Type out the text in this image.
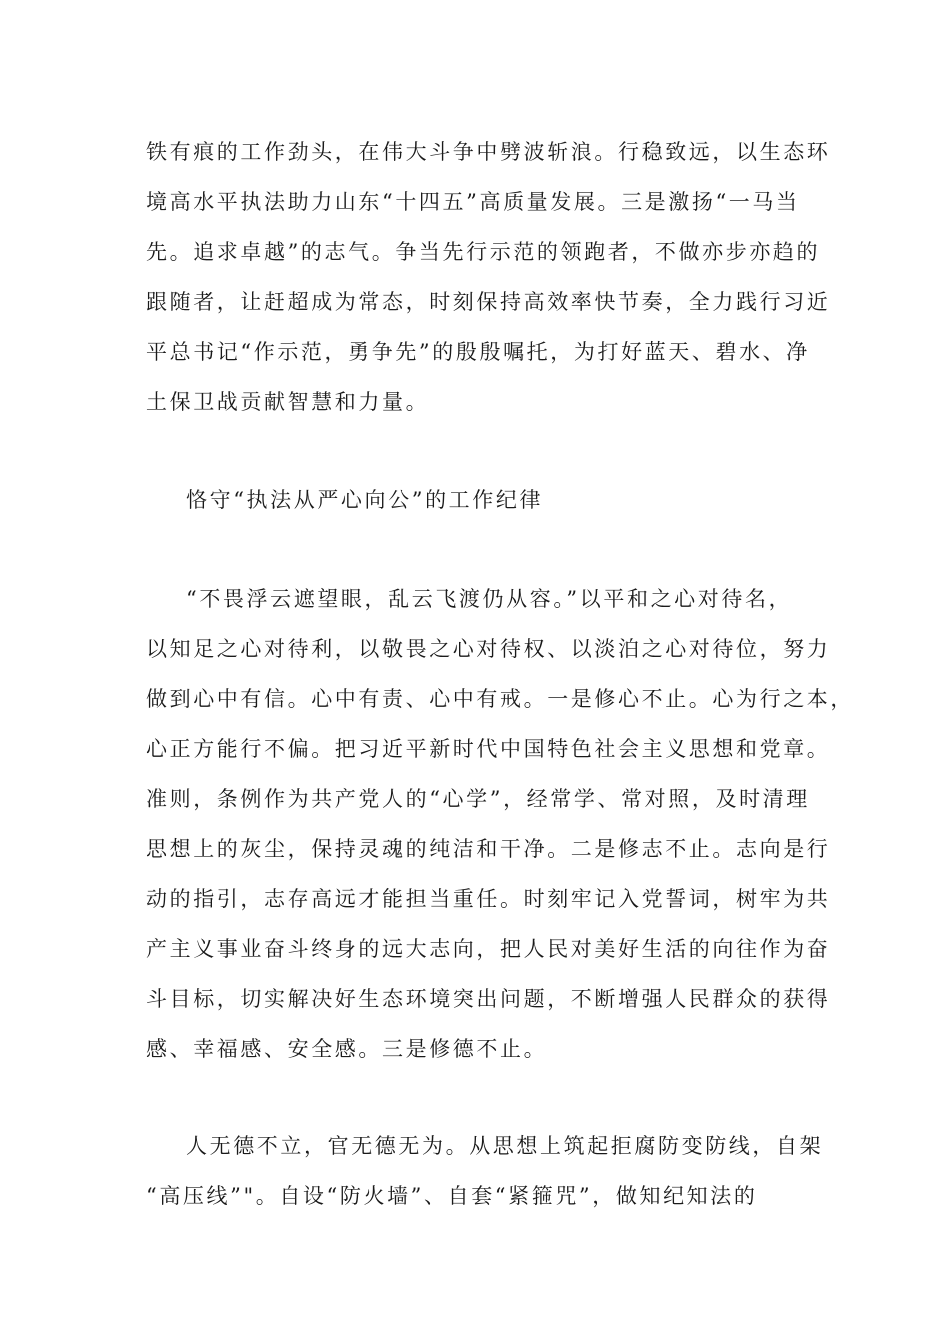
铁有痕的工作劲头，在伟大斗争中劈波斩浪。行稳致远，以生态环
境高水平执法助力山东“十四五”高质量发展。三是激扬“一马当
先。追求卓越”的志气。争当先行示范的领跑者，不做亦步亦趋的
跟随者，让赶超成为常态，时刻保持高效率快节奏，全力践行习近
平总书记“作示范，勇争先”的殷殷嘱托，为打好蓝天、碧水、净
土保卫战贡献智慧和力量。
恪守“执法从严心向公”的工作纪律
“不畏浮云遮望眼，乱云飞渡仍从容。”以平和之心对待名，
以知足之心对待利，以敬畏之心对待权、以淡泊之心对待位，努力
做到心中有信。心中有责、心中有戒。一是修心不止。心为行之本，
心正方能行不偏。把习近平新时代中国特色社会主义思想和党章。
准则，条例作为共产党人的“心学”，经常学、常对照，及时清理
思想上的灰尘，保持灵魂的纯洁和干净。二是修志不止。志向是行
动的指引，志存高远才能担当重任。时刻牢记入党誓词，树牢为共
产主义事业奋斗终身的远大志向，把人民对美好生活的向往作为奋
斗目标，切实解决好生态环境突出问题，不断增强人民群众的获得
感、幸福感、安全感。三是修德不止。
人无德不立，官无德无为。从思想上筑起拒腐防变防线，自架
“高压线”"。自设“防火墙”、自套“紧箍咒”，做知纪知法的
